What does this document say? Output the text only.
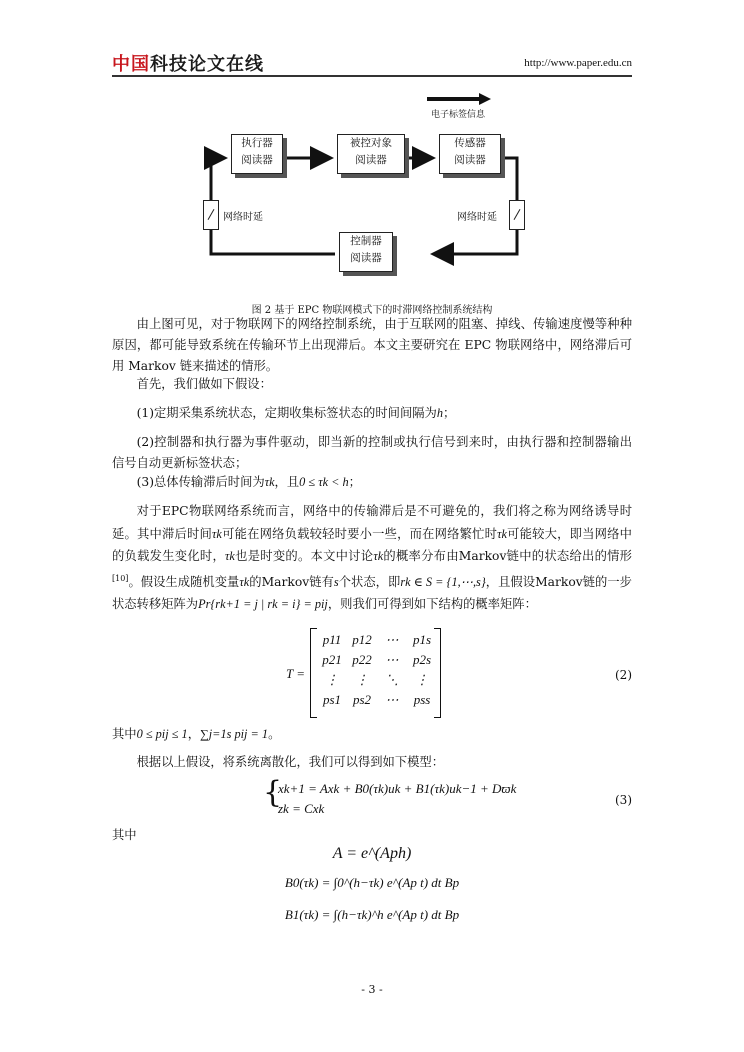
中国科技论文在线	http://www.paper.edu.cn
电子标签信息
执行器
阅读器
被控对象
阅读器
传感器
阅读器
控制器
阅读器
网络时延	网络时延
图 2 基于 EPC 物联网模式下的时滞网络控制系统结构
由上图可见，对于物联网下的网络控制系统，由于互联网的阻塞、掉线、传输速度慢等种种原因，都可能导致系统在传输环节上出现滞后。本文主要研究在 EPC 物联网络中，网络滞后可用 Markov 链来描述的情形。
首先，我们做如下假设：
(1)定期采集系统状态，定期收集标签状态的时间间隔为h；
(2)控制器和执行器为事件驱动，即当新的控制或执行信号到来时，由执行器和控制器输出信号自动更新标签状态；
(3)总体传输滞后时间为τk，且0 ≤ τk < h；
对于EPC物联网络系统而言，网络中的传输滞后是不可避免的，我们将之称为网络诱导时延。其中滞后时间τk可能在网络负载较轻时要小一些，而在网络繁忙时τk可能较大，即当网络中的负载发生变化时，τk也是时变的。本文中讨论τk的概率分布由Markov链中的状态给出的情形[10]。假设生成随机变量τk的Markov链有s个状态，即rk ∈ S = {1,⋯,s}，且假设Markov链的一步状态转移矩阵为Pr{rk+1 = j | rk = i} = pij，则我们可得到如下结构的概率矩阵：
T =
p11 p12	⋯	p1s
p21 p22	⋯	p2s
⋮	⋮	⋱	⋮
ps1 ps2	⋯	pss
(2)
其中0 ≤ pij ≤ 1，∑j=1s pij = 1。
根据以上假设，将系统离散化，我们可以得到如下模型：
{
xk+1 = Axk + B0(τk)uk + B1(τk)uk−1 + Dϖk
zk = Cxk
(3)
其中
A = e^(Aph)
B0(τk) = ∫0^(h−τk) e^(Ap t) dt Bp
B1(τk) = ∫(h−τk)^h e^(Ap t) dt Bp
- 3 -
